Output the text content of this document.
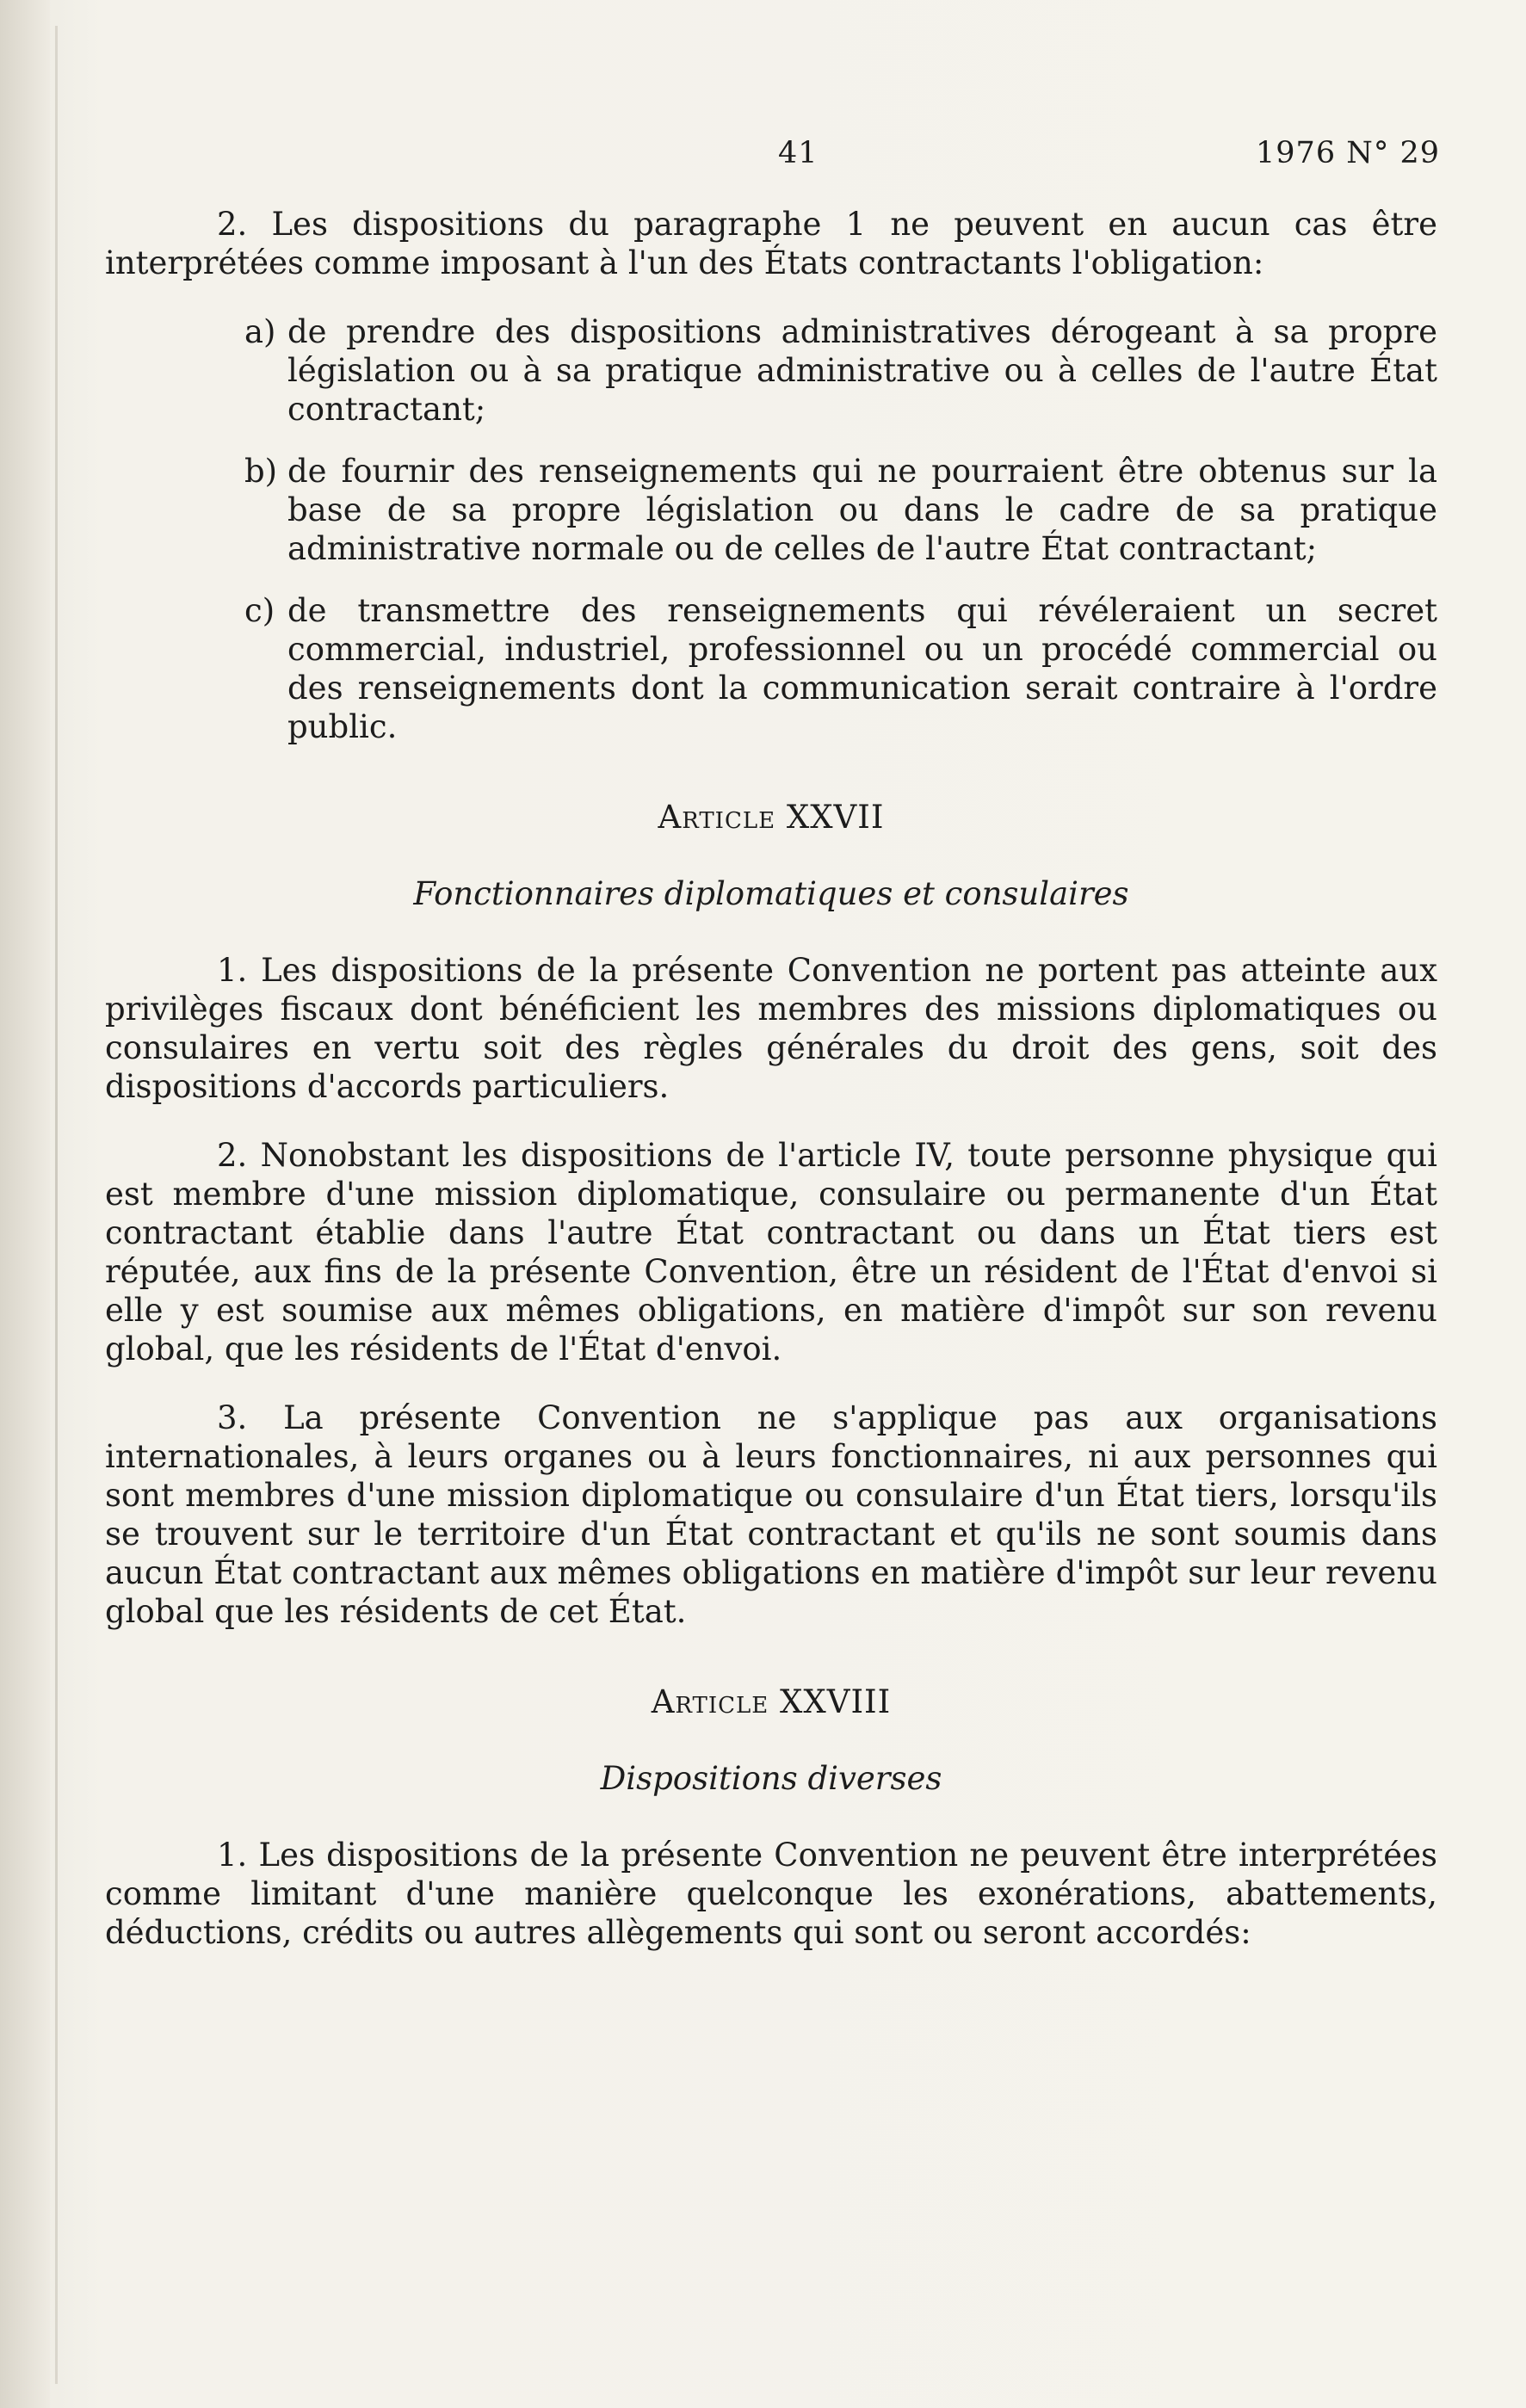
41	1976 N° 29

2. Les dispositions du paragraphe 1 ne peuvent en aucun cas être interprétées comme imposant à l'un des États contractants l'obligation:

a) de prendre des dispositions administratives dérogeant à sa propre législation ou à sa pratique administrative ou à celles de l'autre État contractant;

b) de fournir des renseignements qui ne pourraient être obtenus sur la base de sa propre législation ou dans le cadre de sa pratique administrative normale ou de celles de l'autre État contractant;

c) de transmettre des renseignements qui révéleraient un secret commercial, industriel, professionnel ou un procédé commercial ou des renseignements dont la communication serait contraire à l'ordre public.

Article XXVII

Fonctionnaires diplomatiques et consulaires

1. Les dispositions de la présente Convention ne portent pas atteinte aux privilèges fiscaux dont bénéficient les membres des missions diplomatiques ou consulaires en vertu soit des règles générales du droit des gens, soit des dispositions d'accords particuliers.

2. Nonobstant les dispositions de l'article IV, toute personne physique qui est membre d'une mission diplomatique, consulaire ou permanente d'un État contractant établie dans l'autre État contractant ou dans un État tiers est réputée, aux fins de la présente Convention, être un résident de l'État d'envoi si elle y est soumise aux mêmes obligations, en matière d'impôt sur son revenu global, que les résidents de l'État d'envoi.

3. La présente Convention ne s'applique pas aux organisations internationales, à leurs organes ou à leurs fonctionnaires, ni aux personnes qui sont membres d'une mission diplomatique ou consulaire d'un État tiers, lorsqu'ils se trouvent sur le territoire d'un État contractant et qu'ils ne sont soumis dans aucun État contractant aux mêmes obligations en matière d'impôt sur leur revenu global que les résidents de cet État.

Article XXVIII

Dispositions diverses

1. Les dispositions de la présente Convention ne peuvent être interprétées comme limitant d'une manière quelconque les exonérations, abattements, déductions, crédits ou autres allègements qui sont ou seront accordés:
